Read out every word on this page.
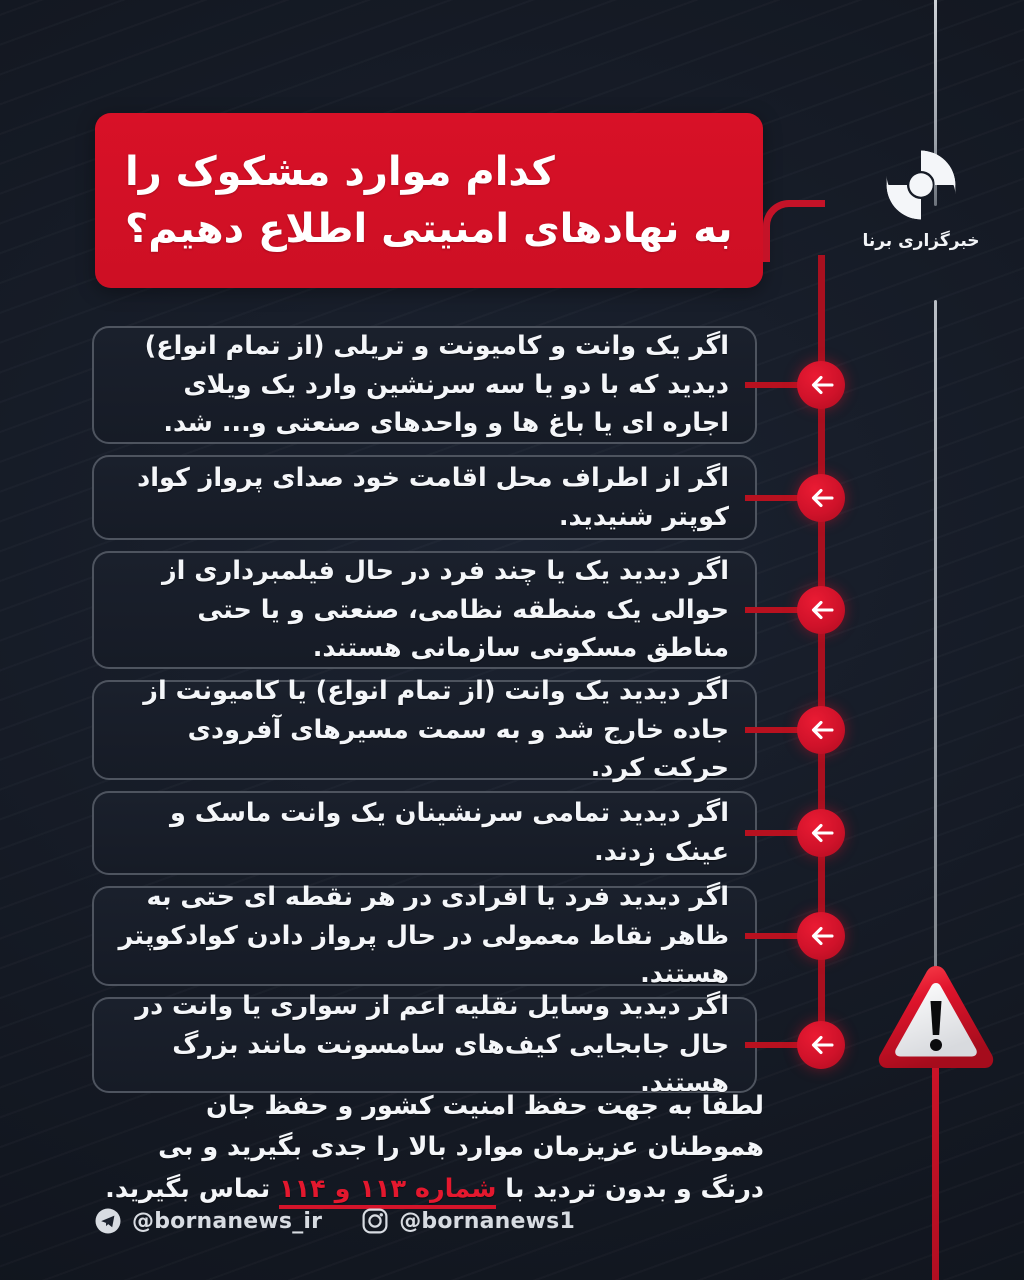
خبرگزاری برنا
کدام موارد مشکوک را
به نهادهای امنیتی اطلاع دهیم؟
اگر یک وانت و کامیونت و تریلی (از تمام انواع) دیدید که با دو یا سه سرنشین وارد یک ویلای اجاره ای یا باغ ها و واحدهای صنعتی و... شد.
اگر از اطراف محل اقامت خود صدای پرواز کواد کوپتر شنیدید.
اگر دیدید یک یا چند فرد در حال فیلمبرداری از حوالی یک منطقه نظامی، صنعتی و یا حتی مناطق مسکونی سازمانی هستند.
اگر دیدید یک وانت (از تمام انواع) یا کامیونت از جاده خارج شد و به سمت مسیرهای آفرودی حرکت کرد.
اگر دیدید تمامی سرنشینان یک وانت ماسک و عینک زدند.
اگر دیدید فرد یا افرادی در هر نقطه ای حتی به ظاهر نقاط معمولی در حال پرواز دادن کوادکوپتر هستند.
اگر دیدید وسایل نقلیه اعم از سواری یا وانت در حال جابجایی کیف‌های سامسونت مانند بزرگ هستند.
لطفا به جهت حفظ امنیت کشور و حفظ جان هموطنان عزیزمان موارد بالا را جدی بگیرید و بی درنگ و بدون تردید با شماره ۱۱۳ و ۱۱۴ تماس بگیرید.
@bornanews_ir	@bornanews1
